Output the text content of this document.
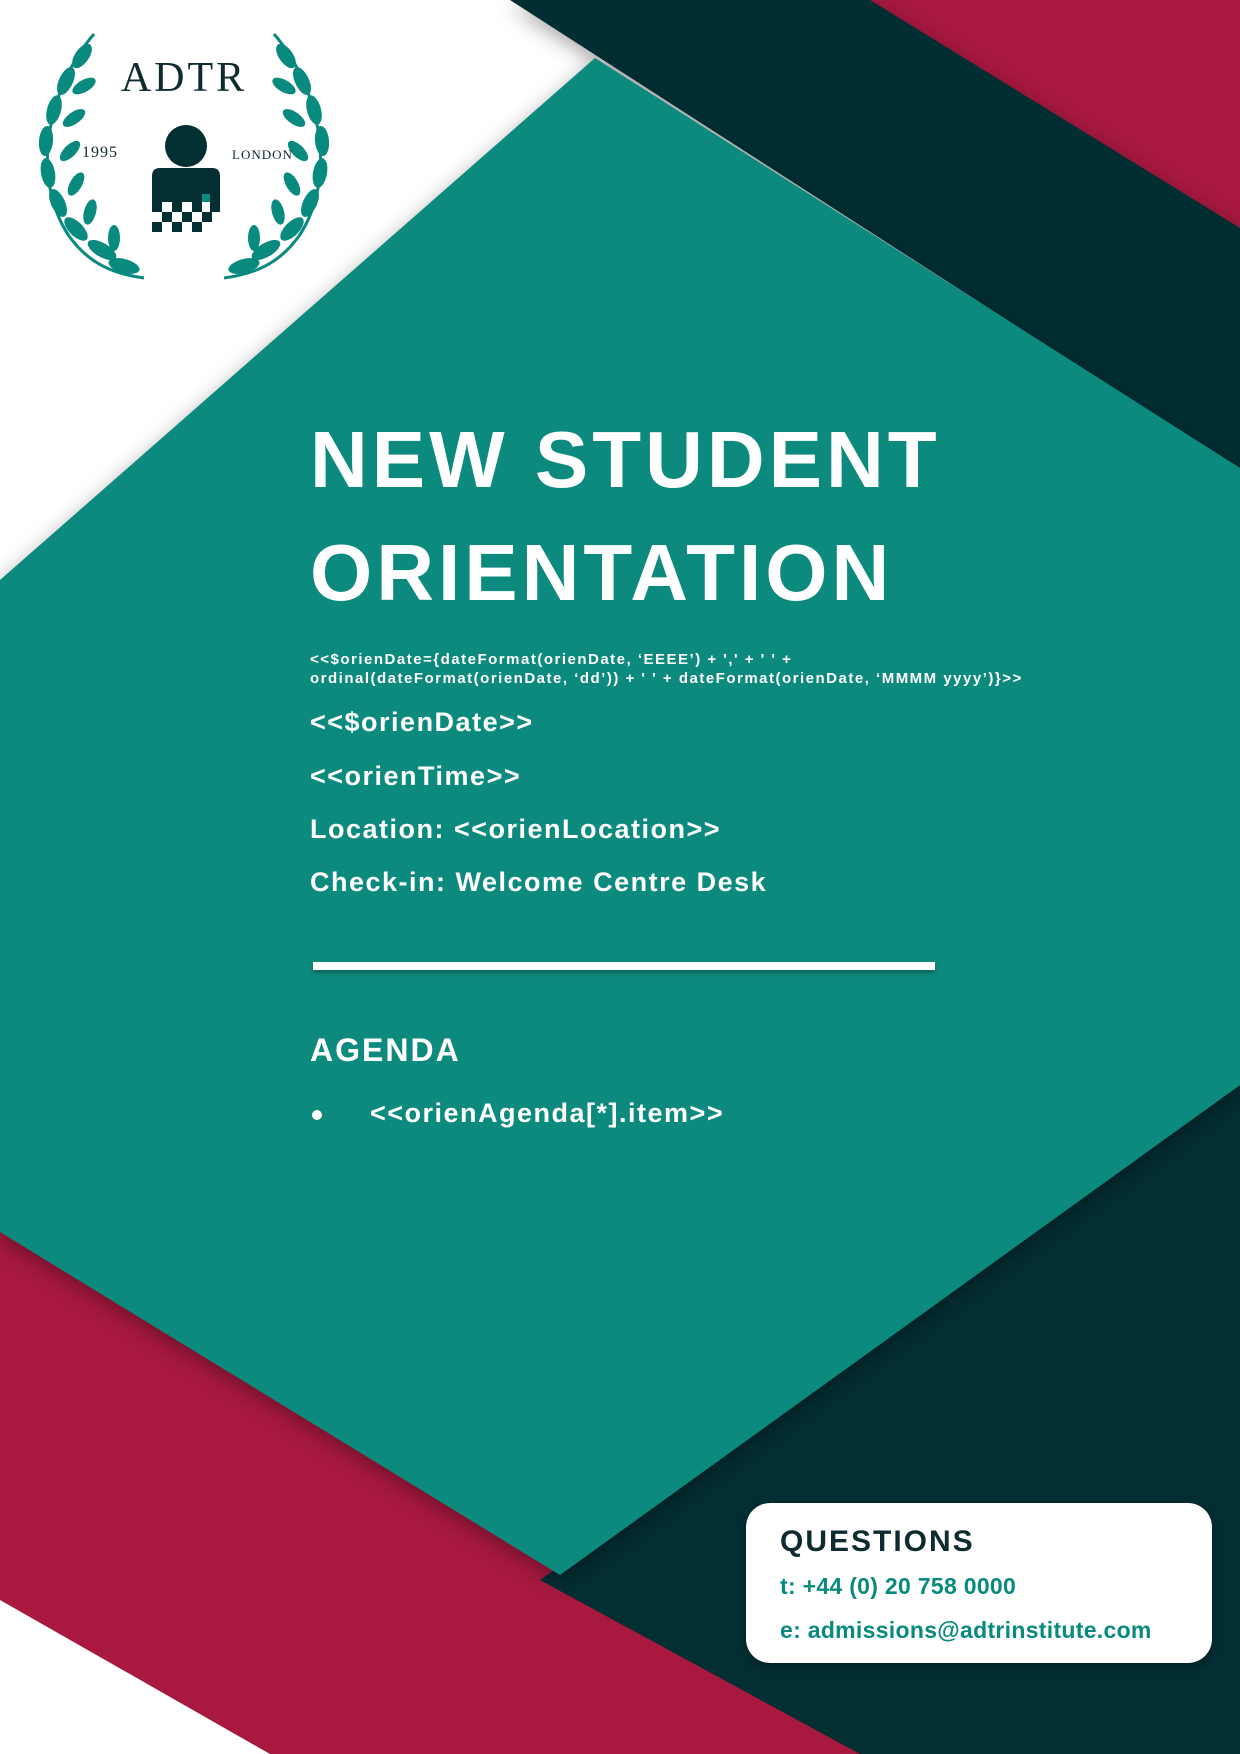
ADTR
1995	LONDON
NEW STUDENT
ORIENTATION
<<$orienDate={dateFormat(orienDate, ‘EEEE’) + ',' + ' ' + ordinal(dateFormat(orienDate, ‘dd’)) + ' ' + dateFormat(orienDate, ‘MMMM yyyy’)}>>
<<$orienDate>>
<<orienTime>>
Location: <<orienLocation>>
Check-in: Welcome Centre Desk
AGENDA
<<orienAgenda[*].item>>
QUESTIONS
t: +44 (0) 20 758 0000
e: admissions@adtrinstitute.com
